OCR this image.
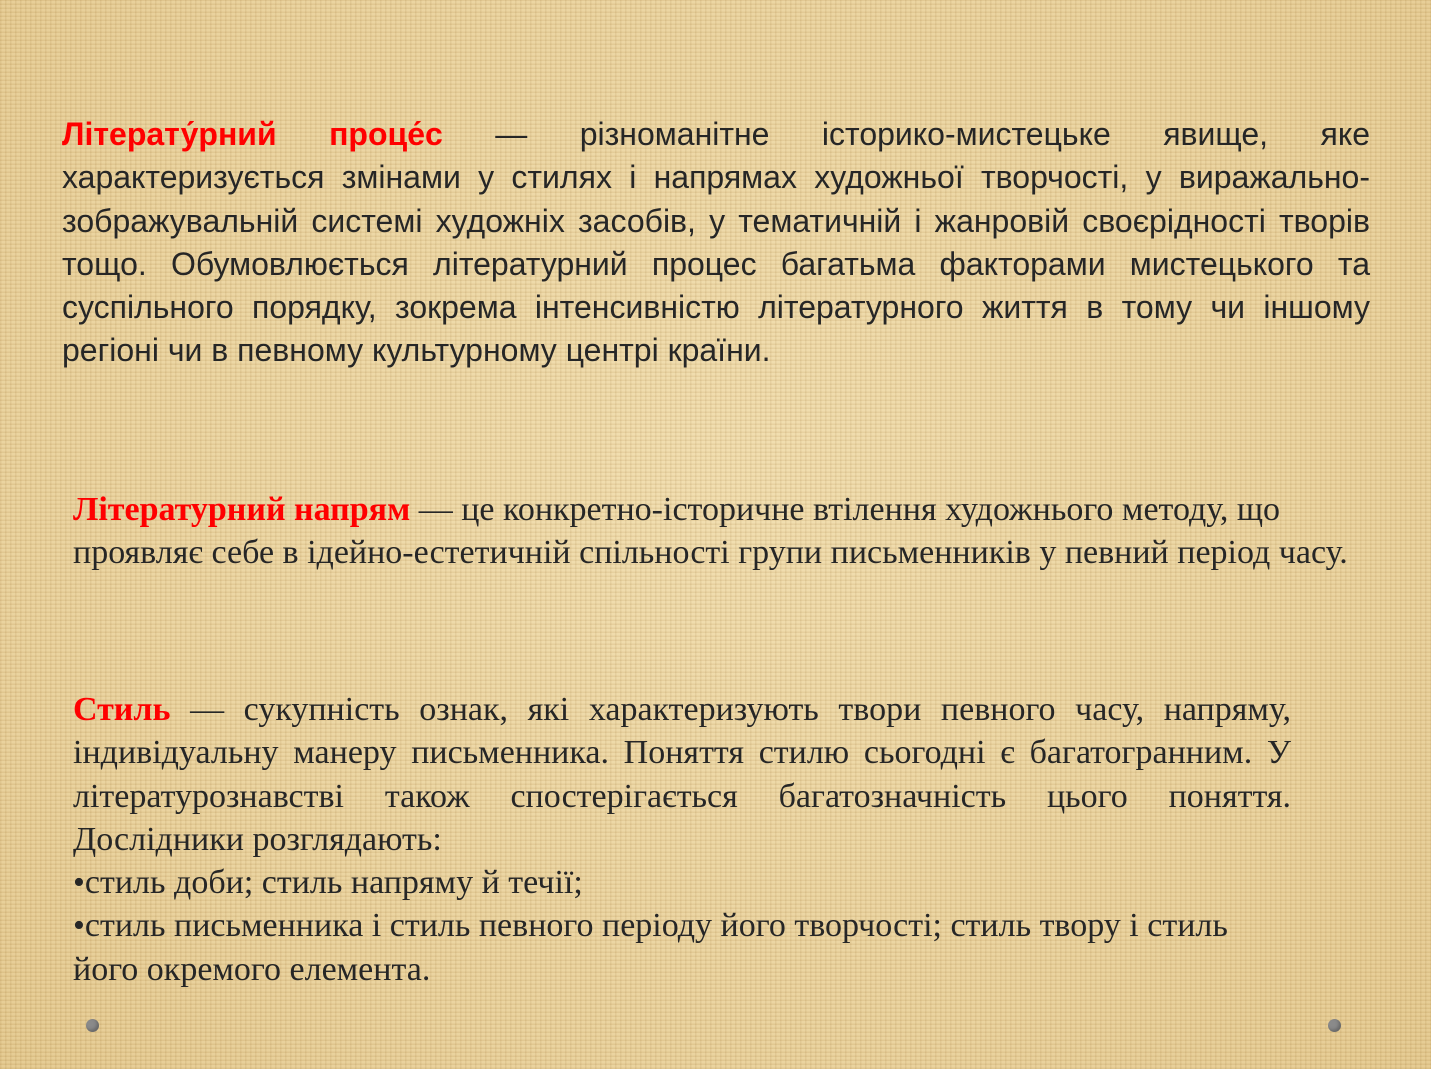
Літерату́рний проце́с — різноманітне історико-мистецьке явище, яке характеризується змінами у стилях і напрямах художньої творчості, у виражально-зображувальній системі художніх засобів, у тематичній і жанровій своєрідності творів тощо. Обумовлюється літературний процес багатьма факторами мистецького та суспільного порядку, зокрема інтенсивністю літературного життя в тому чи іншому регіоні чи в певному культурному центрі країни.

Літературний напрям — це конкретно-історичне втілення художнього методу, що проявляє себе в ідейно-естетичній спільності групи письменників у певний період часу.

Стиль — сукупність ознак, які характеризують твори певного часу, напряму, індивідуальну манеру письменника. Поняття стилю сьогодні є багатогранним. У літературознавстві також спостерігається багатозначність цього поняття. Дослідники розглядають:
•стиль доби; стиль напряму й течії;
•стиль письменника і стиль певного періоду його творчості; стиль твору і стиль його окремого елемента.
